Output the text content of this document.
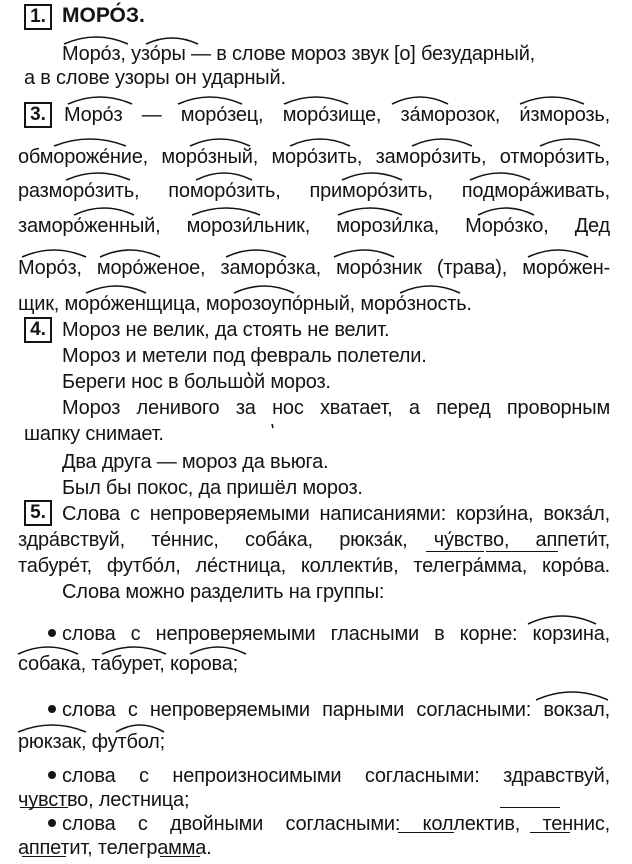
1. МОРО́З.
Моро́з, узо́ры — в слове мороз звук [о] безударный,
а в слове узоры он ударный.
3. Моро́з — моро́зец, моро́зище, за́морозок, и́зморозь,
обмороже́ние, моро́зный, моро́зить, заморо́зить, отморо́зить,
разморо́зить, поморо́зить, приморо́зить, подмора́живать,
заморо́женный, морози́льник, морози́лка, Моро́зко, Дед
Моро́з, моро́женое, заморо́зка, моро́зник (трава), моро́жен-
щик, моро́женщица, морозоупо́рный, моро́зность.
4. Мороз не велик, да стоять не велит.
Мороз и метели под февраль полетели.
Береги нос в большой мороз.
Мороз ленивого за нос хватает, а перед проворным
шапку снимает.
Два друга — мороз да вьюга.
Был бы покос, да пришёл мороз.
5. Слова с непроверяемыми написаниями: корзи́на, вокза́л,
здра́вствуй, те́ннис, соба́ка, рюкза́к, чу́вство, аппети́т,
табуре́т, футбо́л, ле́стница, коллекти́в, телегра́мма, коро́ва.
Слова можно разделить на группы:
слова с непроверяемыми гласными в корне: корзина,
собака, табурет, корова;
слова с непроверяемыми парными согласными: вокзал,
рюкзак, футбол;
слова с непроизносимыми согласными: здравствуй,
чувство, лестница;
слова с двойными согласными: коллектив, теннис,
аппетит, телеграмма.
